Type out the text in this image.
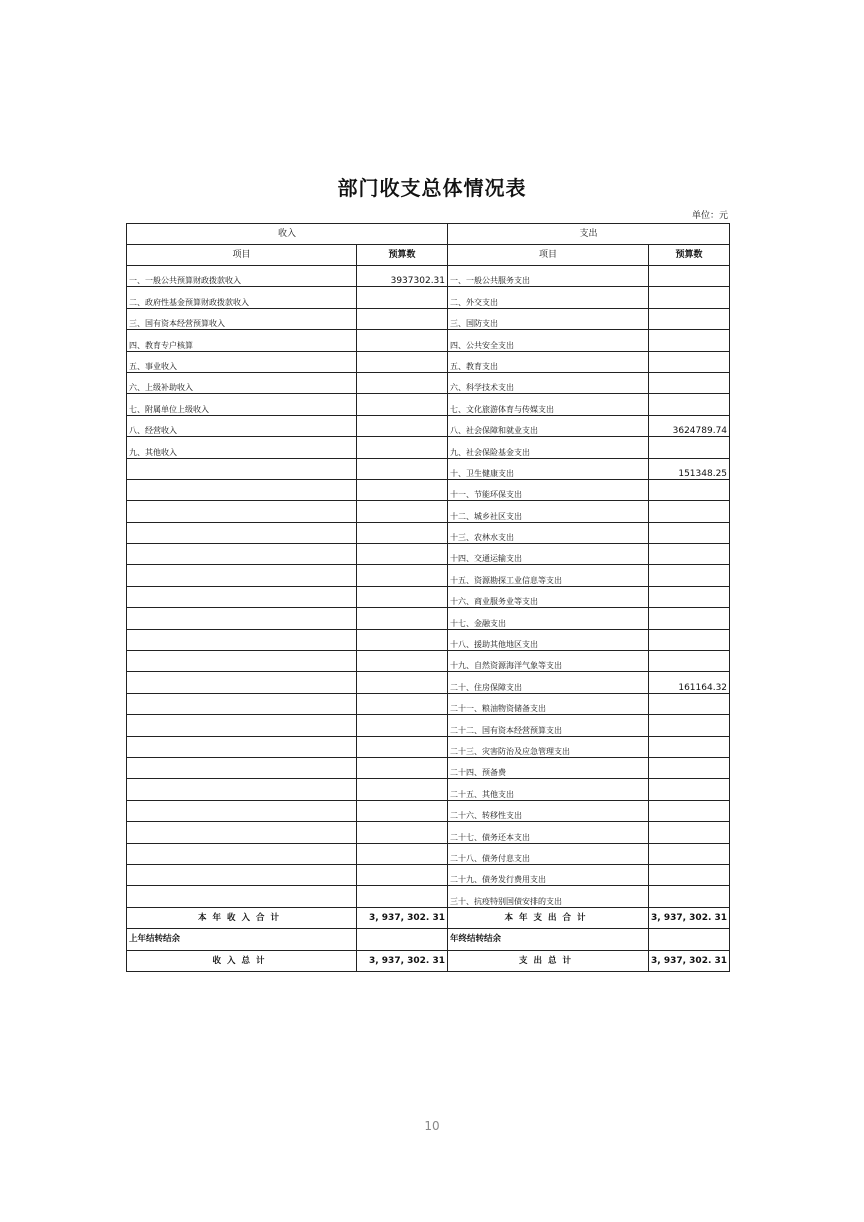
部门收支总体情况表
单位：元
收入		支出	
项目	预算数	项目	预算数
一、一般公共预算财政拨款收入	3937302.31	一、一般公共服务支出	
二、政府性基金预算财政拨款收入		二、外交支出	
三、国有资本经营预算收入		三、国防支出	
四、教育专户核算		四、公共安全支出	
五、事业收入		五、教育支出	
六、上级补助收入		六、科学技术支出	
七、附属单位上级收入		七、文化旅游体育与传媒支出	
八、经营收入		八、社会保障和就业支出	3624789.74
九、其他收入		九、社会保险基金支出	
		十、卫生健康支出	151348.25
		十一、节能环保支出	
		十二、城乡社区支出	
		十三、农林水支出	
		十四、交通运输支出	
		十五、资源勘探工业信息等支出	
		十六、商业服务业等支出	
		十七、金融支出	
		十八、援助其他地区支出	
		十九、自然资源海洋气象等支出	
		二十、住房保障支出	161164.32
		二十一、粮油物资储备支出	
		二十二、国有资本经营预算支出	
		二十三、灾害防治及应急管理支出	
		二十四、预备费	
		二十五、其他支出	
		二十六、转移性支出	
		二十七、债务还本支出	
		二十八、债务付息支出	
		二十九、债务发行费用支出	
		三十、抗疫特别国债安排的支出	
本年收入合计	3, 937, 302. 31	本年支出合计	3, 937, 302. 31
上年结转结余		年终结转结余	
收入总计	3, 937, 302. 31	支出总计	3, 937, 302. 31
10
